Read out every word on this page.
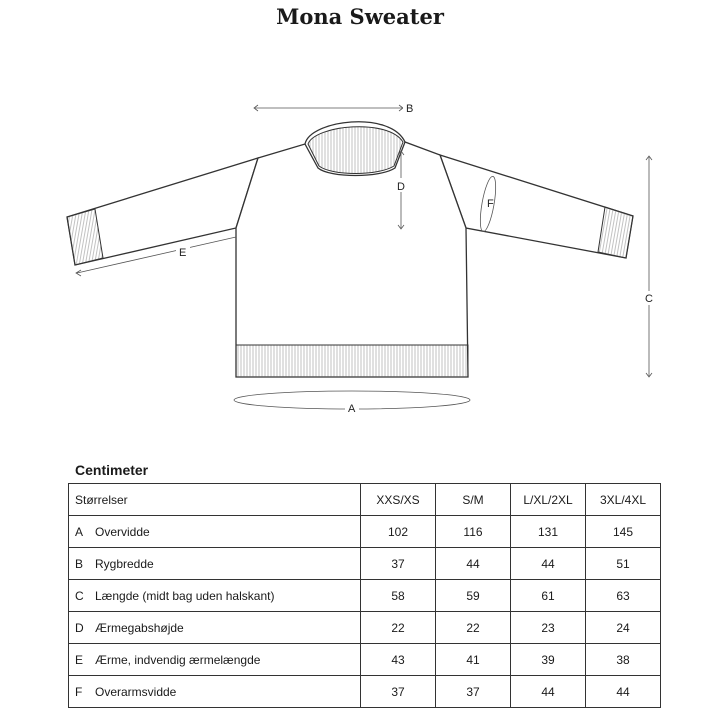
Mona Sweater
B
D
F
C
E
A
Centimeter
Størrelser	XXS/XS	S/M	L/XL/2XL	3XL/4XL
A Overvidde	102	116	131	145
B Rygbredde	37	44	44	51
C Længde (midt bag uden halskant)	58	59	61	63
D Ærmegabshøjde	22	22	23	24
E Ærme, indvendig ærmelængde	43	41	39	38
F Overarmsvidde	37	37	44	44
